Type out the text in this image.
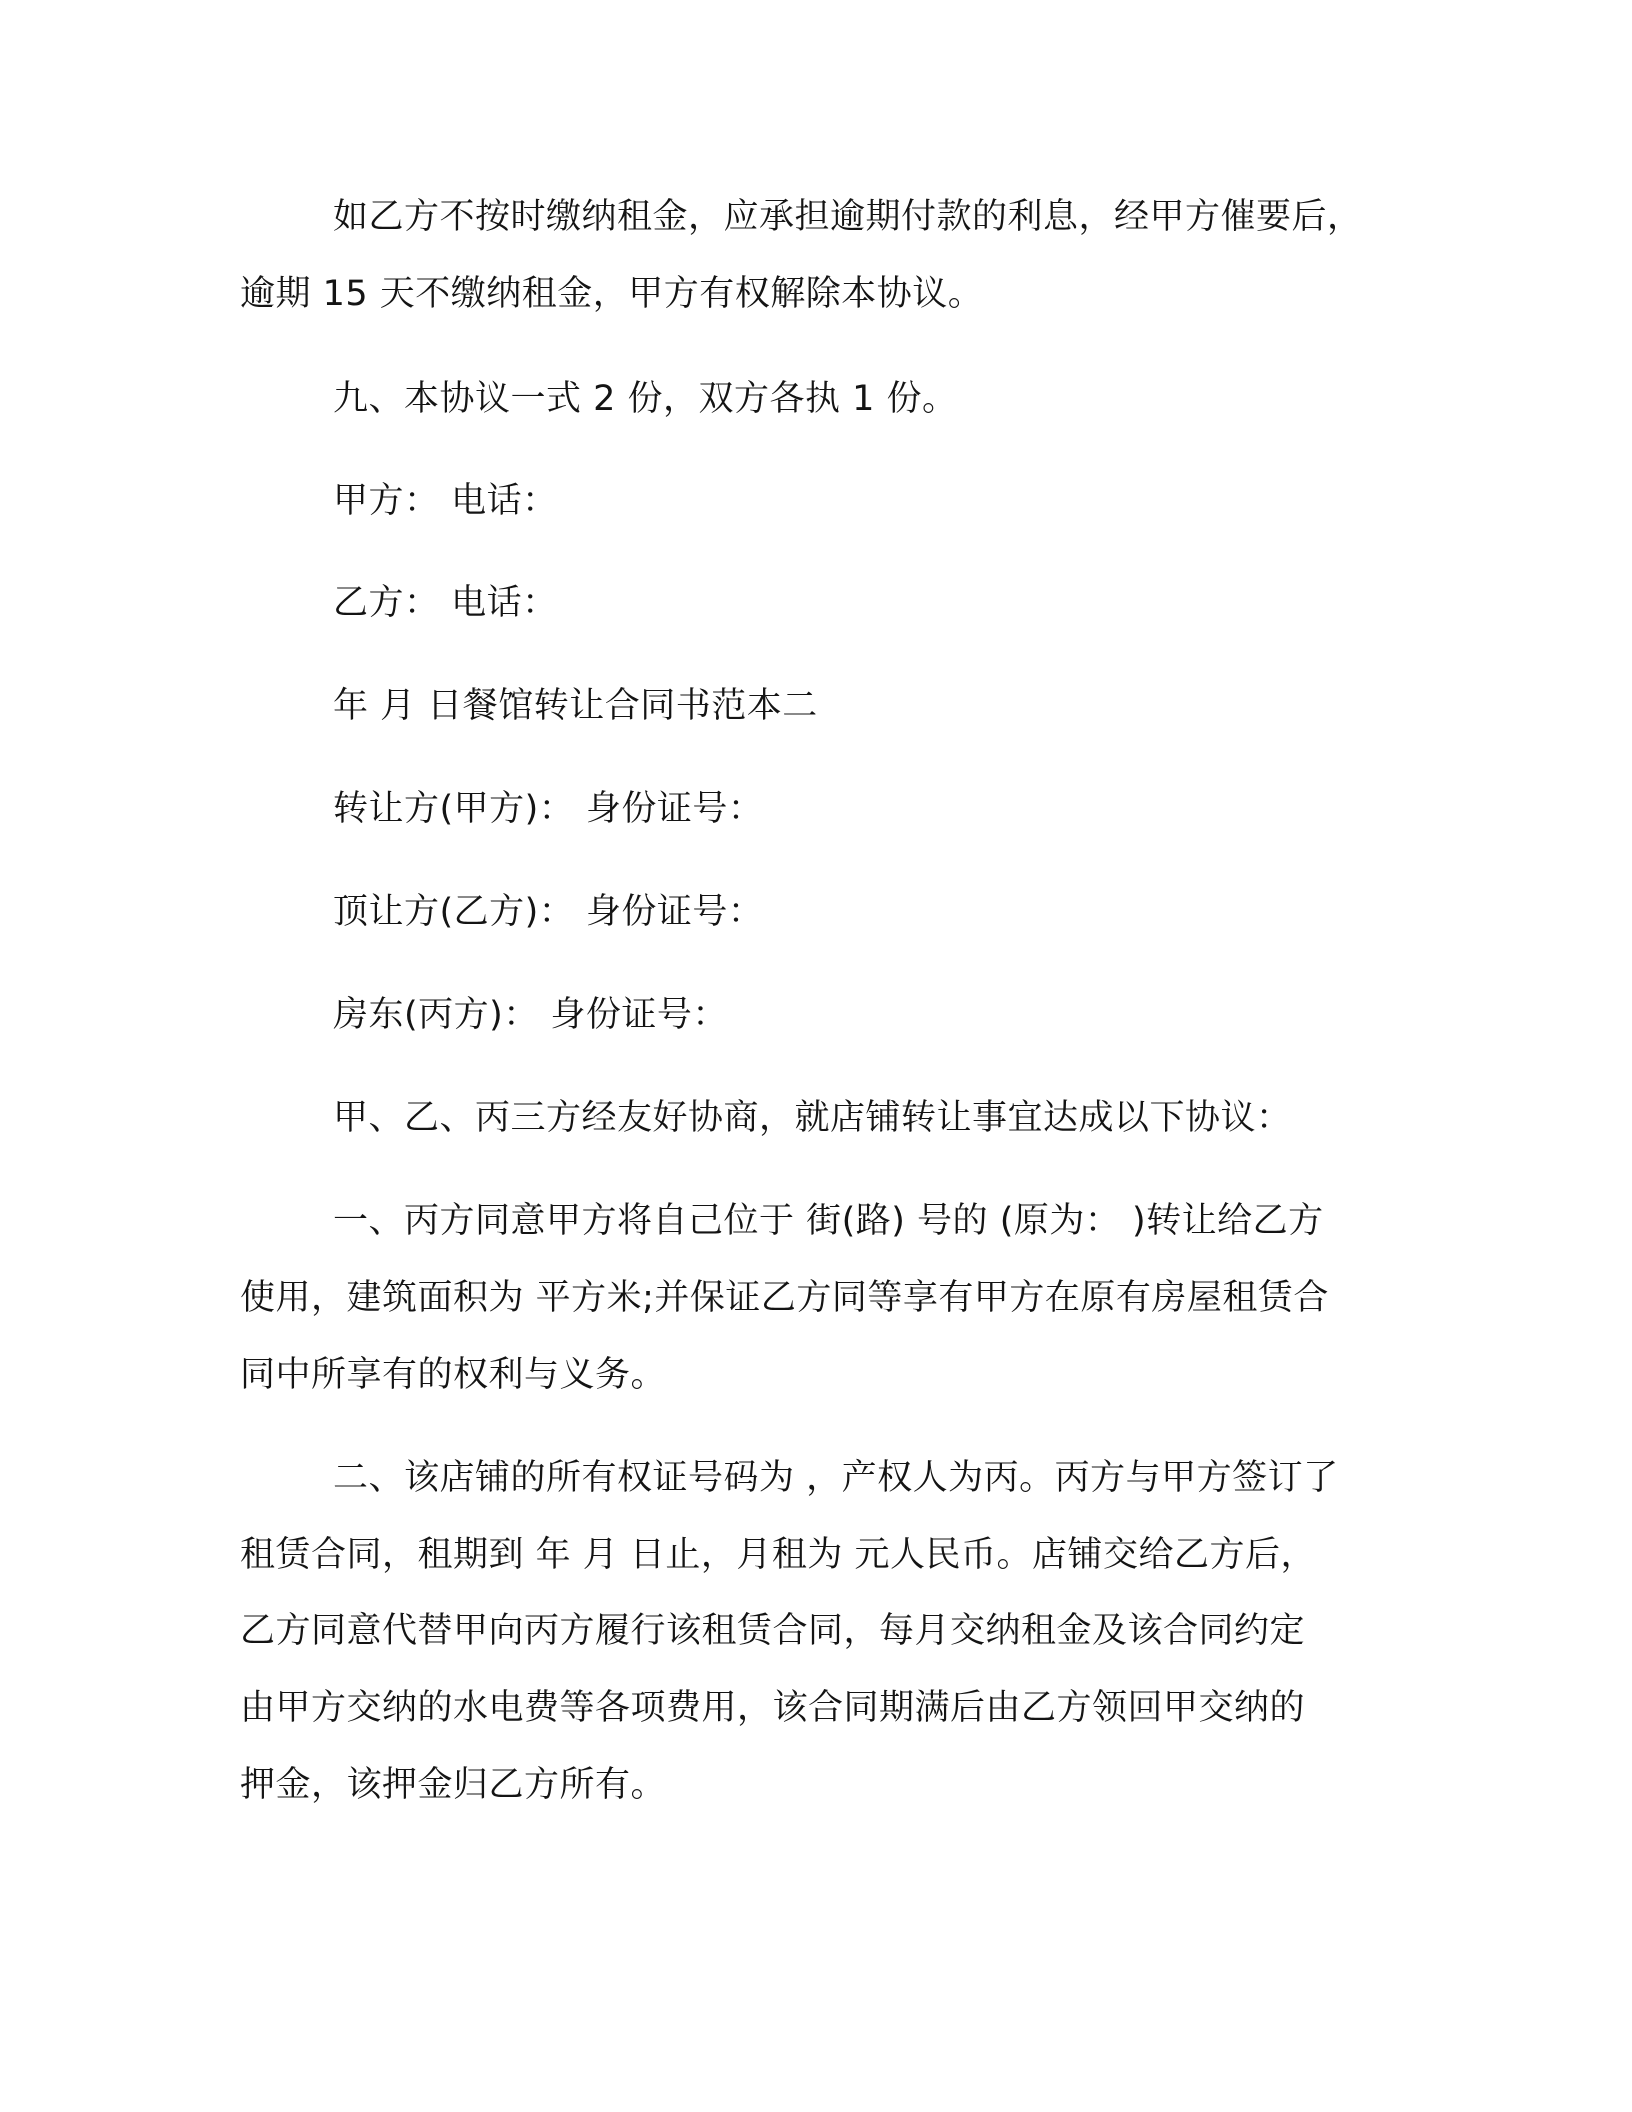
如乙方不按时缴纳租金，应承担逾期付款的利息，经甲方催要后，
逾期 15 天不缴纳租金，甲方有权解除本协议。
九、本协议一式 2 份，双方各执 1 份。
甲方： 电话：
乙方： 电话：
年 月 日餐馆转让合同书范本二
转让方(甲方)： 身份证号：
顶让方(乙方)： 身份证号：
房东(丙方)： 身份证号：
甲、乙、丙三方经友好协商，就店铺转让事宜达成以下协议：
一、丙方同意甲方将自己位于 街(路) 号的 (原为： )转让给乙方
使用，建筑面积为 平方米;并保证乙方同等享有甲方在原有房屋租赁合
同中所享有的权利与义务。
二、该店铺的所有权证号码为 ，产权人为丙。丙方与甲方签订了
租赁合同，租期到 年 月 日止，月租为 元人民币。店铺交给乙方后，
乙方同意代替甲向丙方履行该租赁合同，每月交纳租金及该合同约定
由甲方交纳的水电费等各项费用，该合同期满后由乙方领回甲交纳的
押金，该押金归乙方所有。
